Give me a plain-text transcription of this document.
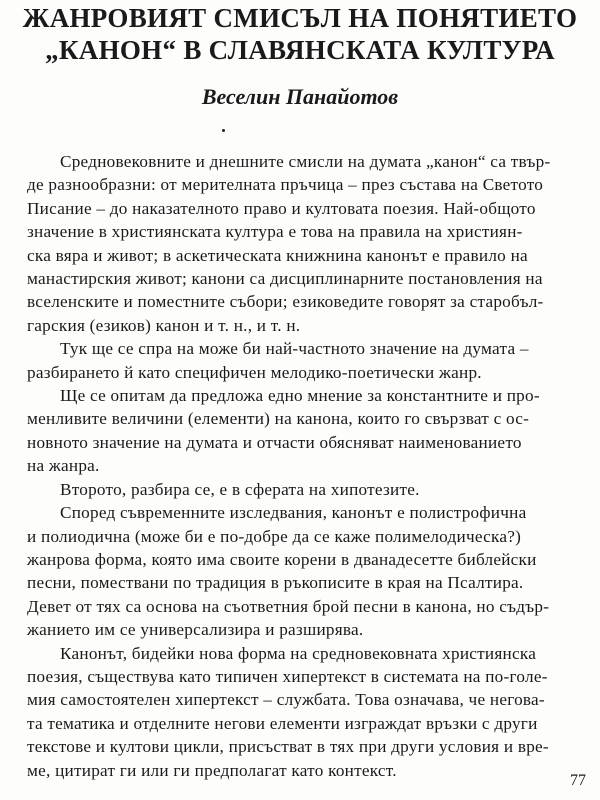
ЖАНРОВИЯТ СМИСЪЛ НА ПОНЯТИЕТО
„КАНОН“ В СЛАВЯНСКАТА КУЛТУРА

Веселин Панайотов

Средновековните и днешните смисли на думата „канон“ са твър-
де разнообразни: от мерителната пръчица – през състава на Светото
Писание – до наказателното право и култовата поезия. Най-общото
значение в християнската култура е това на правила на християн-
ска вяра и живот; в аскетическата книжнина канонът е правило на
манастирския живот; канони са дисциплинарните постановления на
вселенските и поместните събори; езиковедите говорят за старобъл-
гарския (езиков) канон и т. н., и т. н.
Тук ще се спра на може би най-частното значение на думата –
разбирането й като специфичен мелодико-поетически жанр.
Ще се опитам да предложа едно мнение за константните и про-
менливите величини (елементи) на канона, които го свързват с ос-
новното значение на думата и отчасти обясняват наименованието
на жанра.
Второто, разбира се, е в сферата на хипотезите.
Според съвременните изследвания, канонът е полистрофична
и полиодична (може би е по-добре да се каже полимелодическа?)
жанрова форма, която има своите корени в дванадесетте библейски
песни, помествани по традиция в ръкописите в края на Псалтира.
Девет от тях са основа на съответния брой песни в канона, но съдър-
жанието им се универсализира и разширява.
Канонът, бидейки нова форма на средновековната християнска
поезия, съществува като типичен хипертекст в системата на по-голе-
мия самостоятелен хипертекст – службата. Това означава, че негова-
та тематика и отделните негови елементи изграждат връзки с други
текстове и култови цикли, присъстват в тях при други условия и вре-
ме, цитират ги или ги предполагат като контекст.

77
